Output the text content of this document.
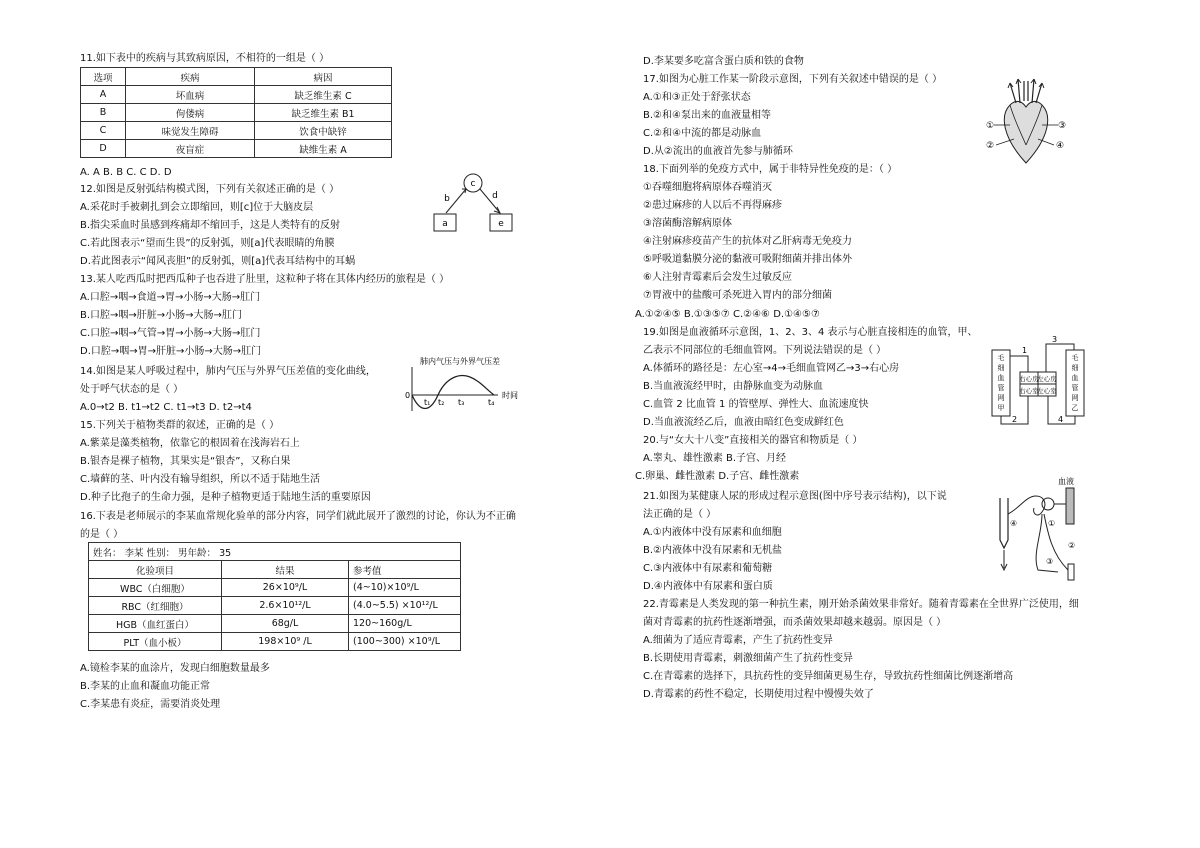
11.如下表中的疾病与其致病原因，不相符的一组是（ ）
选项	疾病	病因
A	坏血病	缺乏维生素 C
B	佝偻病	缺乏维生素 B1
C	味觉发生障碍	饮食中缺锌
D	夜盲症	缺维生素 A
A. A B. B C. C D. D
12.如图是反射弧结构模式图，下列有关叙述正确的是（ ）
A.采花时手被刺扎到会立即缩回，则[c]位于大脑皮层
B.指尖采血时虽感到疼痛却不缩回手，这是人类特有的反射
C.若此图表示“望而生畏”的反射弧，则[a]代表眼睛的角膜
D.若此图表示“闻风丧胆”的反射弧，则[a]代表耳结构中的耳蜗
c
b	d
a	e
13.某人吃西瓜时把西瓜种子也吞进了肚里，这粒种子将在其体内经历的旅程是（ ）
A.口腔→咽→食道→胃→小肠→大肠→肛门
B.口腔→咽→肝脏→小肠→大肠→肛门
C.口腔→咽→气管→胃→小肠→大肠→肛门
D.口腔→咽→胃→肝脏→小肠→大肠→肛门
14.如图是某人呼吸过程中，肺内气压与外界气压差值的变化曲线，
处于呼气状态的是（ ）
A.0→t2 B. t1→t2 C. t1→t3 D. t2→t4
肺内气压与外界气压差
时间
0
t₁ t₂ t₃	t₄
15.下列关于植物类群的叙述，正确的是（ ）
A.紫菜是藻类植物，依靠它的根固着在浅海岩石上
B.银杏是裸子植物，其果实是“银杏”，又称白果
C.墙藓的茎、叶内没有输导组织，所以不适于陆地生活
D.种子比孢子的生命力强，是种子植物更适于陆地生活的重要原因
16.下表是老师展示的李某血常规化验单的部分内容，同学们就此展开了激烈的讨论，你认为不正确
的是（ ）
姓名： 李某 性别： 男年龄： 35		
化验项目	结果	参考值
WBC（白细胞）	26×10⁹/L	(4~10)×10⁹/L
RBC（红细胞）	2.6×10¹²/L	(4.0~5.5) ×10¹²/L
HGB（血红蛋白）	68g/L	120~160g/L
PLT（血小板）	198×10⁹ /L	(100~300) ×10⁹/L
A.镜检李某的血涂片，发现白细胞数量最多
B.李某的止血和凝血功能正常
C.李某患有炎症，需要消炎处理
D.李某要多吃富含蛋白质和铁的食物
17.如图为心脏工作某一阶段示意图，下列有关叙述中错误的是（ ）
A.①和③正处于舒张状态
B.②和④泵出来的血液量相等
C.②和④中流的都是动脉血
D.从②流出的血液首先参与肺循环
①	③
②	④
18.下面列举的免疫方式中，属于非特异性免疫的是：（ ）
①吞噬细胞将病原体吞噬消灭
②患过麻疹的人以后不再得麻疹
③溶菌酶溶解病原体
④注射麻疹疫苗产生的抗体对乙肝病毒无免疫力
⑤呼吸道黏膜分泌的黏液可吸附细菌并排出体外
⑥人注射青霉素后会发生过敏反应
⑦胃液中的盐酸可杀死进入胃内的部分细菌
A.①②④⑤ B.①③⑤⑦ C.②④⑥ D.①④⑤⑦
19.如图是血液循环示意图，1、2、3、4 表示与心脏直接相连的血管，甲、
乙表示不同部位的毛细血管网。下列说法错误的是（ ）
A.体循环的路径是：左心室→4→毛细血管网乙→3→右心房
B.当血液流经甲时，由静脉血变为动脉血
C.血管 2 比血管 1 的管壁厚、弹性大、血流速度快
D.当血液流经乙后，血液由暗红色变成鲜红色
右心房
左心房
右心室
左心室
1
3
2	4
毛
细
血
管
网
甲
毛
细
血
管
网
乙
20.与“女大十八变”直接相关的器官和物质是（ ）
A.睾丸、雄性激素 B.子宫、月经
C.卵巢、雌性激素 D.子宫、雌性激素
21.如图为某健康人尿的形成过程示意图(图中序号表示结构)，以下说
法正确的是（ ）
A.①内液体中没有尿素和血细胞
B.②内液体中没有尿素和无机盐
C.③内液体中有尿素和葡萄糖
D.④内液体中有尿素和蛋白质
血液
④	①
②
③
22.青霉素是人类发现的第一种抗生素，刚开始杀菌效果非常好。随着青霉素在全世界广泛使用，细
菌对青霉素的抗药性逐渐增强，而杀菌效果却越来越弱。原因是（ ）
A.细菌为了适应青霉素，产生了抗药性变异
B.长期使用青霉素，刺激细菌产生了抗药性变异
C.在青霉素的选择下，具抗药性的变异细菌更易生存，导致抗药性细菌比例逐渐增高
D.青霉素的药性不稳定，长期使用过程中慢慢失效了
